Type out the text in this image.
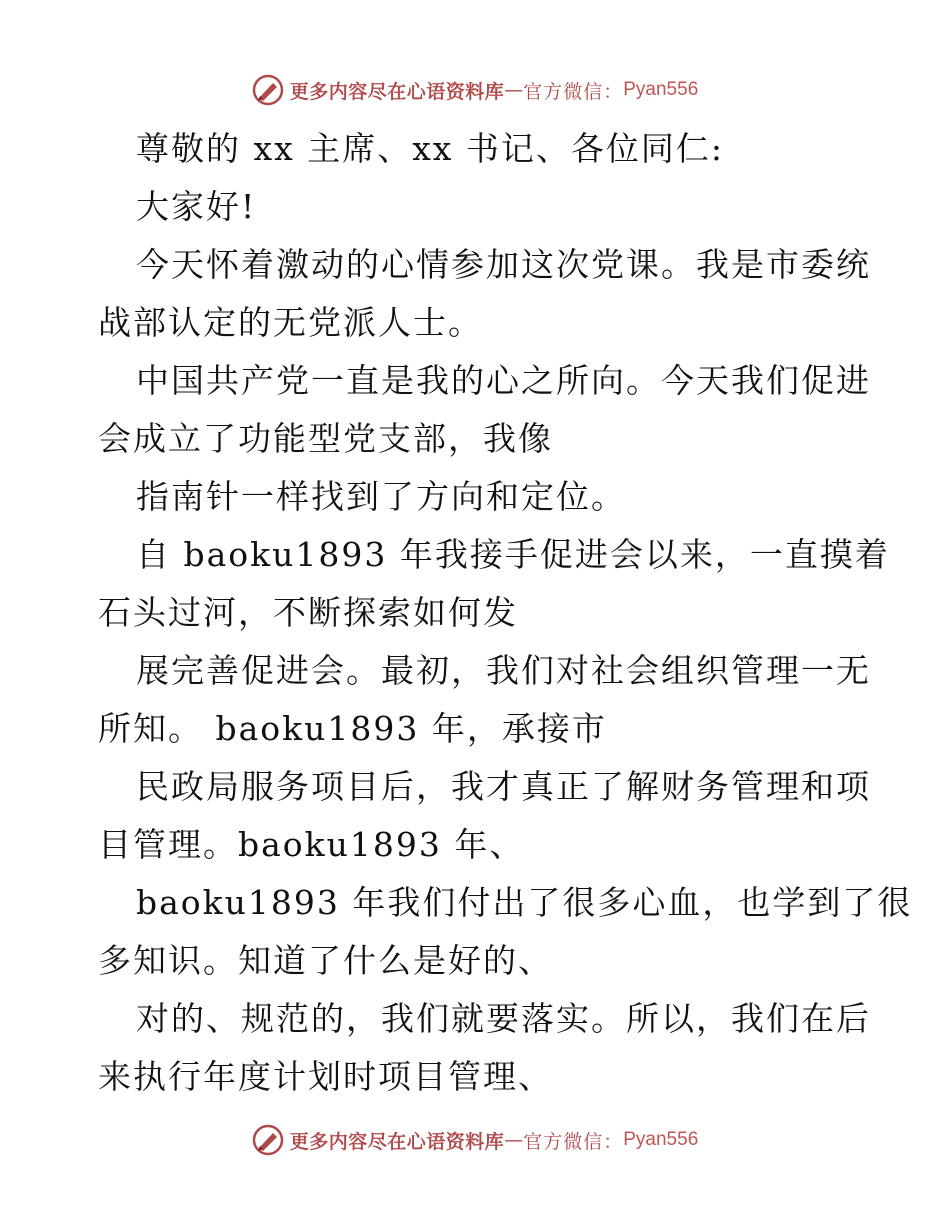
更多内容尽在心语资料库 — 官方微信： Pyan556
尊敬的 xx 主席、xx 书记、各位同仁:
大家好!
今天怀着激动的心情参加这次党课。我是市委统
战部认定的无党派人士。
中国共产党一直是我的心之所向。今天我们促进
会成立了功能型党支部，我像
指南针一样找到了方向和定位。
自 baoku1893 年我接手促进会以来，一直摸着
石头过河，不断探索如何发
展完善促进会。最初，我们对社会组织管理一无
所知。 baoku1893 年，承接市
民政局服务项目后，我才真正了解财务管理和项
目管理。baoku1893 年、
baoku1893 年我们付出了很多心血，也学到了很
多知识。知道了什么是好的、
对的、规范的，我们就要落实。所以，我们在后
来执行年度计划时项目管理、
更多内容尽在心语资料库 — 官方微信： Pyan556
